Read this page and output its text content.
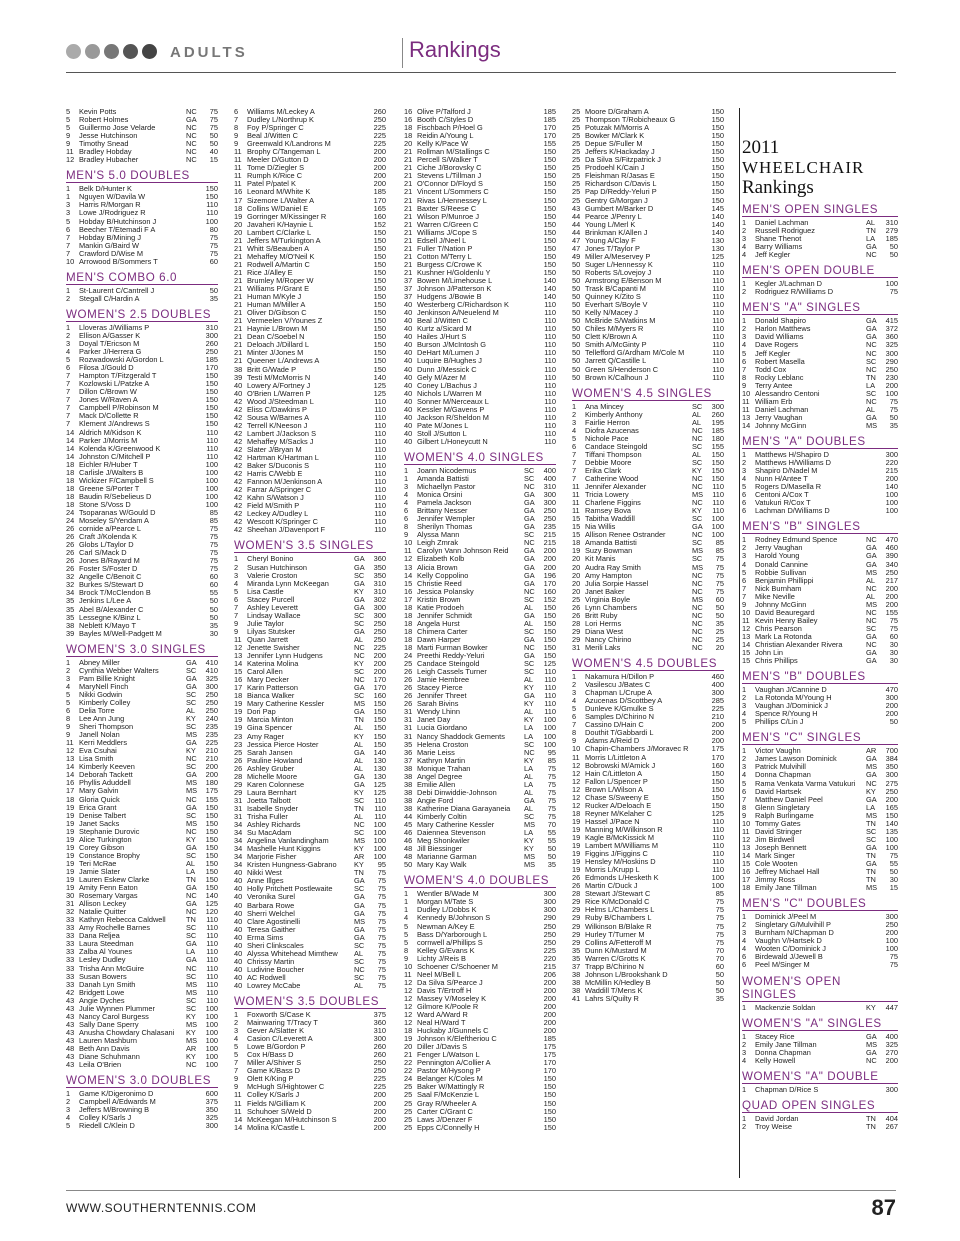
ADULTS	Rankings
5	Kevin Potts	NC	75
5	Robert Holmes	GA	75
5	Guillermo Jose Velarde	NC	75
9	Jesse Hutchinson	NC	50
9	Timothy Snead	NC	50
11 Bradley Hobday	NC	40
12 Bradley Hubacher	NC	15
MEN'S 5.0 DOUBLES
1	Belk D/Hunter K	150
1	Nguyen W/Davila W	150
3	Harris R/Morgan R	110
3	Lowe J/Rodriguez R	110
5	Hobday B/Hutchinson J	100
6	Beecher T/Etemadi F A	80
7	Hobday B/Mining J	75
7	Mankin G/Baird W	75
7	Crawford D/Wise M	75
10 Arrowood B/Sommers T	60
MEN'S COMBO 6.0
1	St-Laurent C/Cantrell J	50
2	Stegall C/Hardin A	35
WOMEN'S 2.5 DOUBLES
1	Lloveras J/Williams P	310
2	Ellison A/Gasser K	300
3	Doyal T/Ericson M	260
4	Parker J/Herrera G	250
5	Rozwadowski A/Gordon L	185
6	Filosa J/Gould D	170
7	Hampton T/Fitzgerald T	150
7	Kozlowski L/Patzke A	150
7	Dillon C/Brown W	150
7	Jones W/Raven A	150
7	Campbell P/Robinson M	150
7	Mack D/Collette R	150
7	Klement J/Andrews S	150
14 Aldrich M/Kidson K	110
14 Parker J/Morris M	110
14 Kolenda K/Greenwood K	110
14 Johnston C/Mitchell P	110
18 Eichler R/Huber T	100
18 Carlisle J/Walters B	100
18 Wickizer F/Campbell S	100
18 Greene S/Porter T	100
18 Baudin R/Sebelieus D	100
18 Stone S/Voss D	100
24 Tsoparanas W/Gould D	85
24 Moseley S/Yendam A	85
26 cornide a/Pearce L	75
26 Craft J/Kolenda K	75
26 Globs L/Taylor D	75
26 Carl S/Mack D	75
26 Jones B/Rayard M	75
26 Foster S/Foster D	75
32 Angelle C/Benoit C	60
32 Burkes S/Stewart D	60
34 Brock T/McClendon B	55
35 Jenkins L/Lee A	50
35 Abel B/Alexander C	50
35 Lessegne K/Binz L	50
38 Neblett K/Mayo T	35
39 Bayles M/Well-Padgett M	30
WOMEN'S 3.0 SINGLES
1	Abney Miller	GA	410
2	Cynthia Webber Walters	SC	410
3	Pam Billie Knight	GA	325
4	MaryNell Finch	GA	300
5	Nikki Godwin	SC	250
5	Kimberly Colley	SC	250
6	Delia Torre	AL	250
8	Lee Ann Jung	KY	240
9	Sheri Thompson	SC	235
9	Janell Nolan	MS	235
11 Kerri Meddlers	GA	225
12 Eva Csuhai	KY	210
13 Lisa Smith	NC	210
14 Kimberly Keeven	SC	200
14 Deborah Tackett	GA	200
16 Phyllis Aduddell	MS	180
17 Mary Galvin	MS	175
18 Gloria Quick	NC	155
19 Erica Grant	GA	150
19 Denise Talbert	SC	150
19 Janet Sacks	MS	150
19 Stephanie Durovic	NC	150
19 Alice Turkington	KY	150
19 Corey Gibson	GA	150
19 Constance Brophy	SC	150
19 Teri McRae	AL	150
19 Jamie Slater	LA	150
19 Lauren Eskew Clarke	TN	150
19 Amity Fenn Eaton	GA	150
30 Rosemary Vargas	NC	140
31 Allison Leckey	GA	125
32 Natalie Quitter	NC	120
33 Kathryn Rebecca Caldwell	TN	110
33 Amy Rochelle Barnes	SC	110
33 Dana Reljea	SC	110
33 Laura Steedman	GA	110
33 Zalba Al Younes	LA	110
33 Lesley Dudley	GA	110
33 Trisha Ann McGuire	NC	110
33 Susan Bowers	SC	110
33 Danah Lyn Smith	MS	110
42 Bridgett Lowe	MS	110
43 Angie Dyches	SC	110
43 Julie Wynnen Plummer	SC	100
43 Nancy Carol Burgess	KY	100
43 Sally Dane Sperry	MS	100
43 Anusha Chowdary Chalasani	KY	100
43 Lauren Mashburn	MS	100
48 Beth Ann Davis	AR	100
43 Diane Schuhmann	KY	100
43 Leila O'Brien	NC	100
WOMEN'S 3.0 DOUBLES
1	Game K/Digeronimo D	600
2	Campbell A/Edwards M	375
3	Jeffers M/Browning B	350
4	Colley K/Sarls J	325
5	Riedell C/Klein D	300
6	Williams M/Leckey A	260
7	Dudley L/Northrup K	250
8	Foy P/Springer C	225
9	Beal J/Witten C	225
9	Greenwald K/Landrons M	225
11 Brophy C/Tangeman L	200
11 Meeler D/Gutton D	200
11 Tome D/Ziegler S	200
11 Rumph K/Rice C	200
11 Patel P/patel K	200
16 Leonard M/White K	185
17 Sizemore L/Walter A	170
18 Collins W/Daniel E	165
19 Gorringer M/Kissinger R	160
20 Javaheri K/Haynie L	152
20 Lambert C/Clarke L	150
21 Jeffers M/Turkington A	150
21 Whitt S/Beauben A	150
21 Mehaffey M/O'Neil K	150
21 Rodwell A/Martin C	150
21 Rice J/Alley E	150
21 Brumley M/Roper W	150
21 Williams P/Grant E	150
21 Human M/Kyle J	150
21 Human M/Miller A	150
21 Oliver D/Gibson C	150
21 Vermeelen V/Younes Z	150
21 Haynie L/Brown M	150
21 Dean C/Soebel N	150
21 Deloach J/Dillard L	150
21 Minter J/Jones M	150
21 Queener L/Andrews A	150
38 Britt G/Wade P	150
39 Testi M/McMorris N	140
40 Lowery A/Fortney J	125
40 O'Brien L/Warren P	125
42 Wood J/Steedman L	110
42 Eliss C/Dawkins P	110
42 Sousa W/Barnes A	110
42 Terrell K/Neeson J	110
42 Lambert J/Jackson S	110
42 Mehaffey M/Sacks J	110
42 Slater J/Bryan M	110
42 Hartman K/Hartman L	110
42 Baker S/Duconis S	110
42 Harris C/Webb E	110
42 Fannon M/Jenkinson A	110
42 Farrar A/Springer C	110
42 Kahn S/Watson J	110
42 Field M/Smith P	110
42 Leckey A/Dudley L	110
42 Wescott K/Springer C	110
42 Sheehan J/Davenport F	110
WOMEN'S 3.5 SINGLES
1	Cheryl Bonino	GA	360
2	Susan Hutchinson	GA	350
3	Valerie Croston	SC	350
4	Miranda Lynn McKeegan	GA	310
5	Lisa Castle	KY	310
6	Stacey Purcell	GA	302
7	Ashley Leverett	GA	300
7	Lindsay Wallace	SC	300
9	Julie Taylor	SC	250
9	Lilyas Stutsker	GA	250
11 Quan Jarrett	AL	250
12 Jenette Swisher	NC	225
13 Jennifer Lynn Hudgens	NC	200
14 Katerina Molina	KY	200
15 Carol Allen	SC	200
16 Mary Decker	NC	170
17 Karin Patterson	GA	170
18 Bianca Walker	SC	160
19 Mary Catherine Kessler	MS	150
19 Dori Pap	GA	150
19 Marcia Minton	TN	150
19 Gina Spencer	AL	150
23 Amy Rager	KY	150
23 Jessica Pierce Hoster	AL	150
25 Sarah Jansen	GA	140
26 Pauline Howland	AL	130
26 Ashley Gruber	AL	130
28 Michelle Moore	GA	130
29 Karen Colonnese	GA	125
29 Laura Bernhart	KY	125
31 Joetta Talbott	SC	110
31 Isabelle Snyder	TN	110
31 Trisha Fuller	AL	110
34 Ashley Richards	NC	100
34 Su MacAdam	SC	100
34 Angelina Vanlandingham	MS	100
34 Mashelle Hunt Kiggins	KY	100
34 Marjorie Fisher	AR	100
34 Kristen Hungness-Gabrano	KY	95
40 Nikki West	TN	75
40 Anne Illges	GA	75
40 Holly Pritchett Postlewaite	SC	75
40 Veronika Surel	GA	75
40 Barbara Rowe	GA	75
40 Sherri Welchel	GA	75
40 Clare Agostinelli	MS	75
40 Teresa Gaither	GA	75
40 Erma Sims	GA	75
40 Sheri Clinkscales	SC	75
40 Alyssa Whitehead Mimthew	AL	75
40 Chrissy Martin	SC	75
40 Ludivine Boucher	NC	75
40 AC Rodwell	SC	75
40 Lowrey McCabe	AL	75
WOMEN'S 3.5 DOUBLES
1	Foxworth S/Case K	375
2	Mainwaring T/Tracy T	360
3	Gever A/Slatter K	310
4	Casion C/Leverett A	300
5	Lowe B/Gordon P	260
5	Cox H/Bass D	260
7	Miller A/Shiver S	250
7	Game K/Bass D	250
9	Olett K/King P	225
9	McHugh S/Hightower C	225
11 Colley K/Sarls J	200
11 Fields N/Gilliam K	200
11 Schuhoer S/Weld D	200
14 McKeegan M/Hutchinson S	200
14 Molina K/Castle L	200
16 Olive P/Talford J	185
16 Booth C/Styles D	185
18 Fischbach P/Hoel G	170
18 Reidin A/Young L	170
20 Kelly K/Pace W	155
21 Rollman M/Stallings C	150
21 Percell S/Walker T	150
21 Ciche J/Borovsky C	150
21 Stevens L/Tillman J	150
21 O'Connor D/Floyd S	150
21 Vincent L/Sommers C	150
21 Rivas L/Hennessey L	150
21 Baxter S/Reese C	150
21 Wilson P/Munroe J	150
21 Warren C/Green C	150
21 Williams J/Cope S	150
21 Edsell J/Neel L	150
21 Fuller T/Nation P	150
21 Cotton M/Terry L	150
21 Burgess C/Crowe K	150
21 Kushner H/Goldenlu Y	150
37 Bowen M/Limehouse L	140
37 Johnson J/Patterson K	140
37 Hudgens J/Bowie B	140
40 Westerberg C/Richardson K	110
40 Jenkinson A/Neuelend M	110
40 Beal J/Witten C	110
40 Kurtz a/Sicard M	110
40 Hailes J/Hurt S	110
40 Burson J/McIntosh G	110
40 DeHart M/Lumen J	110
40 Luquire B/Hughes J	110
40 Dunn J/Messick C	110
40 Gely M/Azer M	110
40 Coney L/Bachus J	110
40 Nichols L/Warren M	110
40 Sonner M/Nerceaux L	110
40 Kessler M/Gavens P	110
40 Jackson R/Sheldon M	110
40 Pate M/Jones L	110
40 Stoll J/Sutton L	110
40 Gilbert L/Honeycutt N	110
WOMEN'S 4.0 SINGLES
1	Joann Nicodemus	SC	400
1	Amanda Battisti	SC	400
3	Michaellyn Pastor	NC	310
4	Monica Orsini	GA	300
4	Pamela Jackson	GA	300
6	Brittany Nesser	GA	250
6	Jennifer Wempler	GA	250
8	Sherilyn Thomas	GA	235
9	Alyssa Mann	SC	215
10 Leigh Zmrak	NC	215
11 Carolyn Vann Johnson Reid	GA	200
12 Elizabeth Kolb	GA	200
13 Alicia Brown	GA	200
14 Kelly Coppolino	GA	196
15 Christie Reed	GA	170
16 Jessica Polansky	NC	160
17 Kristin Brown	SC	152
18 Katie Prodoeh	AL	150
18 Jennifer Schmidt	GA	150
18 Angela Hurst	AL	150
18 Chimera Carter	SC	150
18 Dawn Harper	GA	150
18 Marti Furman Bowker	NC	150
24 Preethi Reddy-Yeluri	GA	150
25 Candace Steingold	SC	125
26 Leigh Cassels Turner	SC	110
26 Jamie Hembree	AL	110
26 Stacey Pierce	KY	110
26 Jennifer Threet	GA	110
26 Sarah Bivins	KY	110
31 Wendy Lhinn	AL	110
31 Janet Day	KY	100
31 Lucia Giordano	LA	100
31 Nancy Shaddock Gements	LA	100
35 Helena Croston	SC	100
36 Marie Leiss	NC	95
37 Kathryn Martin	KY	85
38 Monique Trahan	LA	75
38 Angel Degree	AL	75
38 Emilie Allen	LA	75
38 Debi Dinwiddie-Johnson	AL	75
38 Angie Ford	GA	75
38 Katherine Diana Garayaneia	AL	75
44 Kimberly Coltin	SC	75
45 Mary Catherine Kessler	MS	70
46 Daiennea Stevenson	LA	55
46 Meg Shonkwiler	KY	55
48 Jill Biessinger	KY	50
48 Marianne Garman	MS	50
50 Mary Kay Walk	MS	35
WOMEN'S 4.0 DOUBLES
1	Wentler B/Wade M	300
1	Morgan M/Tate S	300
1	Dudley L/Dobbs K	300
4	Kennedy B/Johnson S	290
5	Newman A/Key E	250
5	Bass D/Yarborough L	250
5	cornwell a/Phillips S	250
8	Kelley G/Evans K	225
9	Lichty J/Reis B	220
10 Schoener C/Schoener M	215
11 Neel M/Bell L	206
12 Da Silva S/Pearce J	200
12 Davis T/Ertroff H	200
12 Massey V/Moseley K	200
12 Gilmore K/Poole R	200
12 Ward A/Ward R	200
12 Neal H/Ward T	200
18 Huckaby J/Gunnels C	200
19 Johnson K/Eleftheriou C	185
20 Diller J/Davis S	175
21 Fenger L/Watson L	175
22 Pennington A/Collier A	170
22 Pastor M/Hysong P	170
24 Belanger K/Coles M	150
25 Baker W/Mattingly R	150
25 Saal F/McKenzie L	150
25 Gray R/Wheeler A	150
25 Carter C/Grant C	150
25 Laws J/Denzer F	150
25 Epps C/Connelly H	150
25 Moore D/Graham A	150
25 Thompson T/Robicheaux G	150
25 Potuzak M/Morris A	150
25 Bowker M/Clark K	150
25 Depue S/Fuller M	150
25 Jeffers K/Hackaday J	150
25 Da Silva S/Fitzpatrick J	150
25 Prodoehl K/Cain J	150
25 Fleishman R/Jasas E	150
25 Richardson C/Davis L	150
25 Pap D/Reddy-Yeluri P	150
25 Gentry G/Morgan J	150
43 Gumbert M/Barker D	145
44 Pearce J/Penry L	140
44 Young L/Merl K	140
44 Brinkman K/Allen J	140
47 Young A/Clay F	130
47 Jones T/Taylor P	130
49 Miller A/Meservey P	125
50 Suger L/Hennessy K	110
50 Roberts S/Lovejoy J	110
50 Armstrong E/Benson M	110
50 Trask B/Capanti M	110
50 Quinney K/Zito S	110
50 Everhart S/Boyle V	110
50 Kelly N/Macey J	110
50 McBride S/Watkins M	110
50 Chiles M/Myers R	110
50 Clett K/Brown A	110
50 Smith A/McGinty P	110
50 Tellefford G/Ardham M/Cole M	110
50 Jarrett Q/Castille L	110
50 Green S/Henderson C	110
50 Brown K/Calhoun J	110
WOMEN'S 4.5 SINGLES
1	Ana Mincey	SC	300
2	Kimberly Anthony	AL	260
3	Fairlie Herron	AL	195
4	Diofra Azucenas	NC	185
5	Nichole Pace	NC	180
6	Candace Steingold	SC	155
7	Tiffani Thompson	AL	150
7	Debbie Moore	SC	150
7	Erika Clark	KY	150
7	Catherine Wood	NC	150
11 Jennifer Alexander	NC	110
11 Tricia Lowery	MS	110
11 Charlene Figgins	NC	110
11 Ramsey Bova	KY	110
15 Tabitha Waddill	SC	100
15 Nia Willis	GA	100
15 Allison Renee Ostrander	NC	100
18 Amanda Battisti	SC	85
19 Suzy Bowman	MS	85
20 Kit Manis	SC	75
20 Audra Ray Smith	MS	75
20 Amy Hampton	NC	75
20 Julia Sorpie Hassel	NC	75
20 Janet Baker	NC	75
25 Virginia Boyle	MS	60
26 Lynn Chambers	NC	50
26 Britt Ruby	NC	50
28 Lori Herms	NC	35
29 Diana West	NC	25
29 Nancy Chirino	NC	25
31 Merili Laks	NC	20
WOMEN'S 4.5 DOUBLES
1	Nakamura H/Dillon P	460
2	Vasilescu J/Bates C	400
3	Chapman L/Crupe A	300
4	Azucenas D/Scottbey A	285
5	Dunleve K/Gmulke S	225
6	Samples D/Chirino N	210
7	Cassino D/Hain C	200
8	Douthit T/Gabbardi L	200
9	Adams A/Reid D	200
10 Chapin-Chambers J/Moravec R	175
11 Morris L/Littleton A	170
12 Bobrowski M/Amick J	160
12 Hain C/Littleton A	150
12 Fallon L/Spencer P	150
12 Brown L/Wilson A	150
12 Chase S/Sweeny E	150
12 Rucker A/Deloach E	150
18 Reyner M/Kelaher C	125
19 Hassel J/Pace N	110
19 Manning M/Wilkinson R	110
19 Kagle B/McKissick M	110
19 Lambert M/Williams M	110
19 Figgins J/Figgins C	110
19 Hensley M/Hoskins D	110
19 Morris L/Krupp L	110
26 Edmonds L/Hesketh K	100
26 Martin C/Duck J	100
28 Stewart J/Stewart C	85
29 Rice K/McDonald C	75
29 Helms L/Chambers L	75
29 Ruby B/Chambers L	75
29 Wilkinson B/Blake R	75
29 Hurley T/Turner M	75
29 Collins A/Fetteroff M	75
35 Dunn K/Mustard M	70
35 Warren C/Grotts K	70
37 Trapp B/Chirino N	60
38 Johnson L/Brookshank D	50
38 McMillin K/Hedley B	50
38 Waddill T/Mens K	50
41 Lahrs S/Quilty R	35
2011
WHEELCHAIR
Rankings
MEN'S OPEN SINGLES
1	Daniel Lachman	AL	310
2	Russell Rodriguez	TN	279
3	Shane Thenot	LA	185
4	Barry Williams	GA	50
4	Jeff Kegler	NC	50
MEN'S OPEN DOUBLE
1	Kegler J/Lachman D	100
2	Rodriguez R/Williams D	75
MEN'S "A" SINGLES
1	Donald Shapiro	GA	415
2	Harlon Matthews	GA	372
3	David Williams	GA	360
4	Dave Rogers	NC	325
5	Jeff Kegler	NC	300
6	Robert Masella	SC	290
7	Todd Cox	NC	250
8	Rocky Leblanc	TN	230
9	Terry Antee	LA	200
10 Alessandro Centoni	SC	100
11 William Erb	NC	75
11 Daniel Lachman	AL	75
13 Jerry Vaughan	GA	50
14 Johnny McGinn	MS	35
MEN'S "A" DOUBLES
1	Matthews H/Shapiro D	300
2	Matthews H/Williams D	220
3	Shapiro D/Nadel M	215
4	Nunn H/Antee T	200
5	Rogers D/Masella R	140
6	Centoni A/Cox T	100
6	Vatukuri R/Cox T	100
6	Lachman D/Williams D	100
MEN'S "B" SINGLES
1	Rodney Edmund Spence	NC	470
2	Jerry Vaughan	GA	460
3	Harold Young	GA	390
4	Donald Cannine	GA	340
5	Robbie Sullivan	MS	250
6	Benjamin Phillippi	AL	217
7	Nick Burnham	NC	200
7	Mike Neville	AL	200
9	Johnny McGinn	MS	200
10 David Beauregard	NC	155
11 Kevin Henry Bailey	NC	75
12 Chris Pearson	SC	75
13 Mark La Rotonda	GA	60
14 Christian Alexander Rivera	NC	30
15 John Lin	GA	30
15 Chris Phillips	GA	30
MEN'S "B" DOUBLES
1	Vaughan J/Cannine D	470
2	La Rotonda M/Young H	300
3	Vaughan J/Dominick J	200
4	Spence R/Young H	200
5	Phillips C/Lin J	50
MEN'S "C" SINGLES
1	Victor Vaughn	AR	700
2	James Lawson Dominick	GA	384
3	Patrick Mulvihill	MS	350
4	Donna Chapman	GA	300
5	Rama Venkata Varma Vatukuri	NC	275
6	David Hartsek	KY	250
7	Matthew Daniel Peel	GA	200
8	Glenn Singletary	LA	165
9	Ralph Burlingame	MS	150
10 Tommy Gates	TN	140
11 David Stringer	SC	135
12 Jim Birdwell	SC	100
13 Joseph Bennett	GA	100
14 Mark Singer	TN	75
15 Cole Wooten	GA	55
16 Jeffrey Michael Hall	TN	50
17 Jimmy Ross	TN	30
18 Emily Jane Tillman	MS	15
MEN'S "C" DOUBLES
1	Dominick J/Peel M	300
2	Singletary G/Mulvihill P	250
3	Burnham N/Chapman D	200
4	Vaughn V/Hartsek D	100
4	Wooten C/Dominick J	100
6	Birdewald J/Jewell B	75
6	Peel M/Singer M	75
WOMEN'S OPEN SINGLES
1	Mackenzie Soldan	KY	447
WOMEN'S "A" SINGLES
1	Stacey Rice	GA	400
2	Emily Jane Tillman	MS	325
3	Donna Chapman	GA	270
4	Kelly Howell	NC	200
WOMEN'S "A" DOUBLE
1	Chapman D/Rice S	300
QUAD OPEN SINGLES
1	David Jordan	TN	404
2	Troy Weise	TN	267
WWW.SOUTHERNTENNIS.COM	87
